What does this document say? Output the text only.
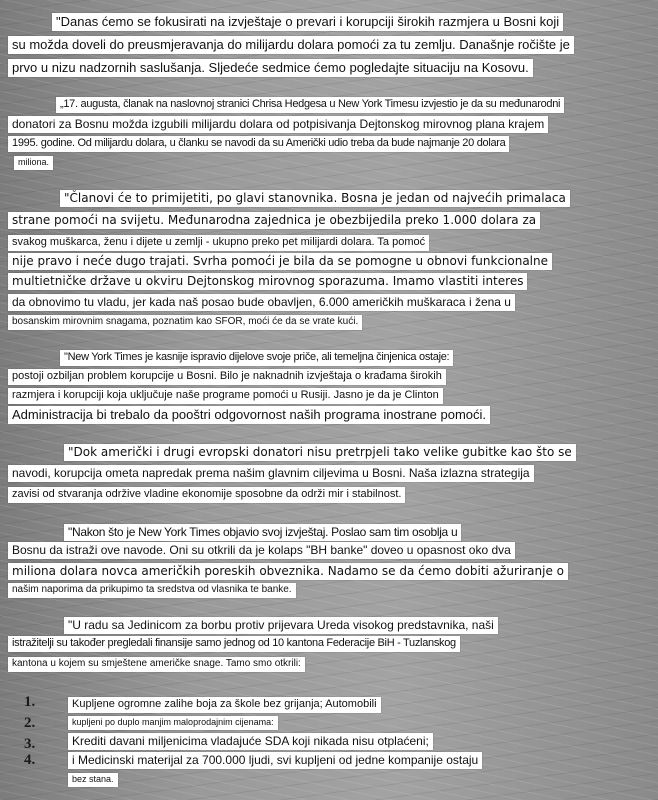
"Danas ćemo se fokusirati na izvještaje o prevari i korupciji širokih razmjera u Bosni koji
su možda doveli do preusmjeravanja do milijardu dolara pomoći za tu zemlju. Današnje ročište je
prvo u nizu nadzornih saslušanja. Sljedeće sedmice ćemo pogledajte situaciju na Kosovu.
„17. augusta, članak na naslovnoj stranici Chrisa Hedgesa u New York Timesu izvjestio je da su međunarodni
donatori za Bosnu možda izgubili milijardu dolara od potpisivanja Dejtonskog mirovnog plana krajem
1995. godine. Od milijardu dolara, u članku se navodi da su Američki udio treba da bude najmanje 20 dolara
miliona.
"Članovi će to primijetiti, po glavi stanovnika. Bosna je jedan od najvećih primalaca
strane pomoći na svijetu. Međunarodna zajednica je obezbijedila preko 1.000 dolara za
svakog muškarca, ženu i dijete u zemlji - ukupno preko pet milijardi dolara. Ta pomoć
nije pravo i neće dugo trajati. Svrha pomoći je bila da se pomogne u obnovi funkcionalne
multietničke države u okviru Dejtonskog mirovnog sporazuma. Imamo vlastiti interes
da obnovimo tu vladu, jer kada naš posao bude obavljen, 6.000 američkih muškaraca i žena u
bosanskim mirovnim snagama, poznatim kao SFOR, moći će da se vrate kući.
"New York Times je kasnije ispravio dijelove svoje priče, ali temeljna činjenica ostaje:
postoji ozbiljan problem korupcije u Bosni. Bilo je naknadnih izvještaja o krađama širokih
razmjera i korupciji koja uključuje naše programe pomoći u Rusiji. Jasno je da je Clinton
Administracija bi trebalo da pooštri odgovornost naših programa inostrane pomoći.
"Dok američki i drugi evropski donatori nisu pretrpjeli tako velike gubitke kao što se
navodi, korupcija ometa napredak prema našim glavnim ciljevima u Bosni. Naša izlazna strategija
zavisi od stvaranja održive vladine ekonomije sposobne da održi mir i stabilnost.
"Nakon što je New York Times objavio svoj izvještaj. Poslao sam tim osoblja u
Bosnu da istraži ove navode. Oni su otkrili da je kolaps "BH banke" doveo u opasnost oko dva
miliona dolara novca američkih poreskih obveznika. Nadamo se da ćemo dobiti ažuriranje o
našim naporima da prikupimo ta sredstva od vlasnika te banke.
"U radu sa Jedinicom za borbu protiv prijevara Ureda visokog predstavnika, naši
istražitelji su također pregledali finansije samo jednog od 10 kantona Federacije BiH - Tuzlanskog
kantona u kojem su smještene američke snage. Tamo smo otkrili:
1.
2.
3.
4.
Kupljene ogromne zalihe boja za škole bez grijanja; Automobili
kupljeni po duplo manjim maloprodajnim cijenama:
Krediti davani miljenicima vladajuće SDA koji nikada nisu otplaćeni;
i Medicinski materijal za 700.000 ljudi, svi kupljeni od jedne kompanije ostaju
bez stana.
